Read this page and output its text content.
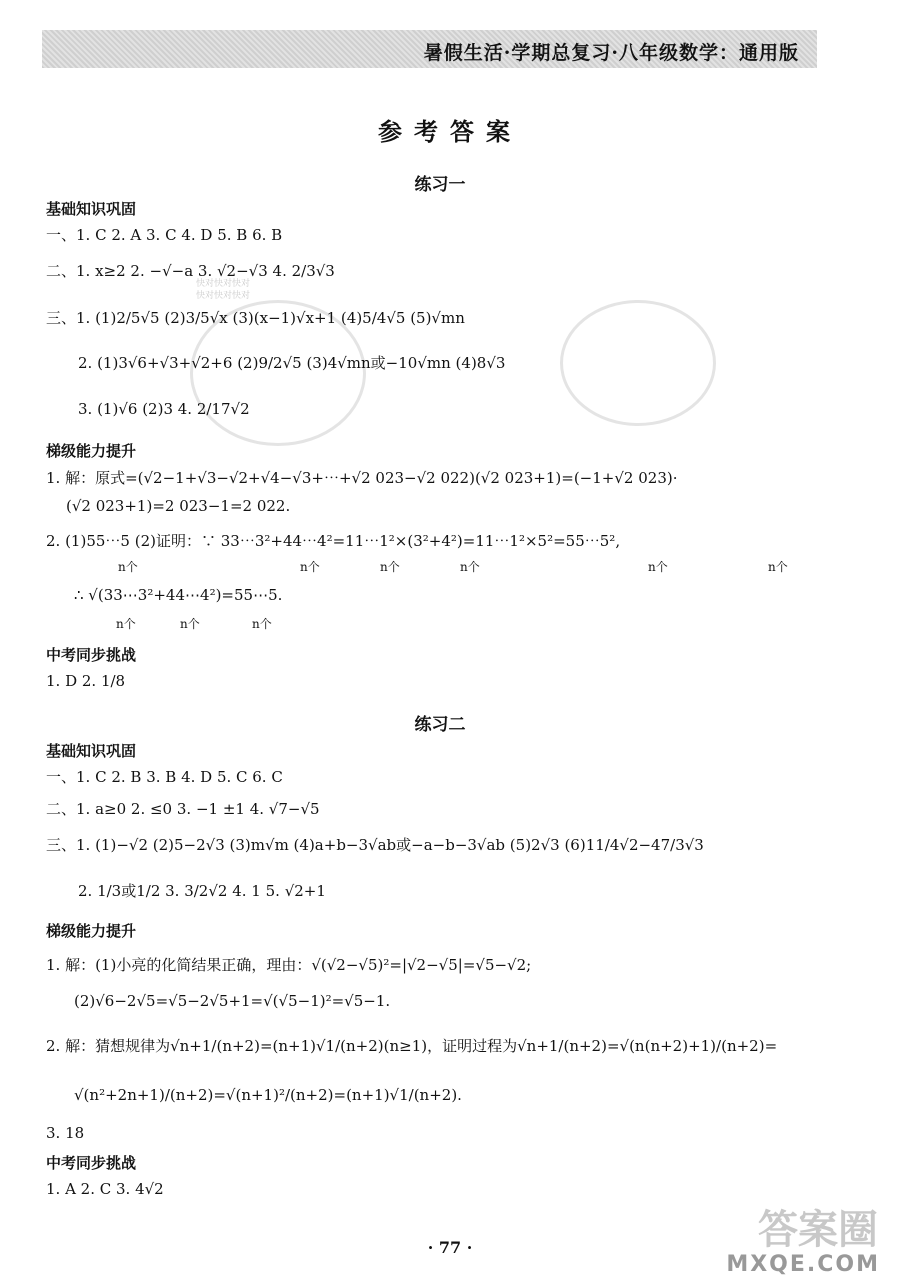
暑假生活·学期总复习·八年级数学：通用版
快对快对快对
快对快对快对
参考答案
练习一
基础知识巩固
一、1. C 2. A 3. C 4. D 5. B 6. B
二、1. x≥2 2. −√−a 3. √2−√3 4. 2/3√3
三、1. (1)2/5√5 (2)3/5√x (3)(x−1)√x+1 (4)5/4√5 (5)√mn
2. (1)3√6+√3+√2+6 (2)9/2√5 (3)4√mn或−10√mn (4)8√3
3. (1)√6 (2)3 4. 2/17√2
梯级能力提升
1. 解：原式=(√2−1+√3−√2+√4−√3+⋯+√2 023−√2 022)(√2 023+1)=(−1+√2 023)·
(√2 023+1)=2 023−1=2 022.
2. (1)55⋯5 (2)证明：∵ 33⋯3²+44⋯4²=11⋯1²×(3²+4²)=11⋯1²×5²=55⋯5²,
n个	n个	n个	n个	n个	n个
∴ √(33⋯3²+44⋯4²)=55⋯5.
n个	n个	n个
中考同步挑战
1. D 2. 1/8
练习二
基础知识巩固
一、1. C 2. B 3. B 4. D 5. C 6. C
二、1. a≥0 2. ≤0 3. −1 ±1 4. √7−√5
三、1. (1)−√2 (2)5−2√3 (3)m√m (4)a+b−3√ab或−a−b−3√ab (5)2√3 (6)11/4√2−47/3√3
2. 1/3或1/2 3. 3/2√2 4. 1 5. √2+1
梯级能力提升
1. 解：(1)小亮的化简结果正确，理由：√(√2−√5)²=|√2−√5|=√5−√2;
(2)√6−2√5=√5−2√5+1=√(√5−1)²=√5−1.
2. 解：猜想规律为√n+1/(n+2)=(n+1)√1/(n+2)(n≥1)，证明过程为√n+1/(n+2)=√(n(n+2)+1)/(n+2)=
√(n²+2n+1)/(n+2)=√(n+1)²/(n+2)=(n+1)√1/(n+2).
3. 18
中考同步挑战
1. A 2. C 3. 4√2
· 77 ·	答案圈
MXQE.COM
